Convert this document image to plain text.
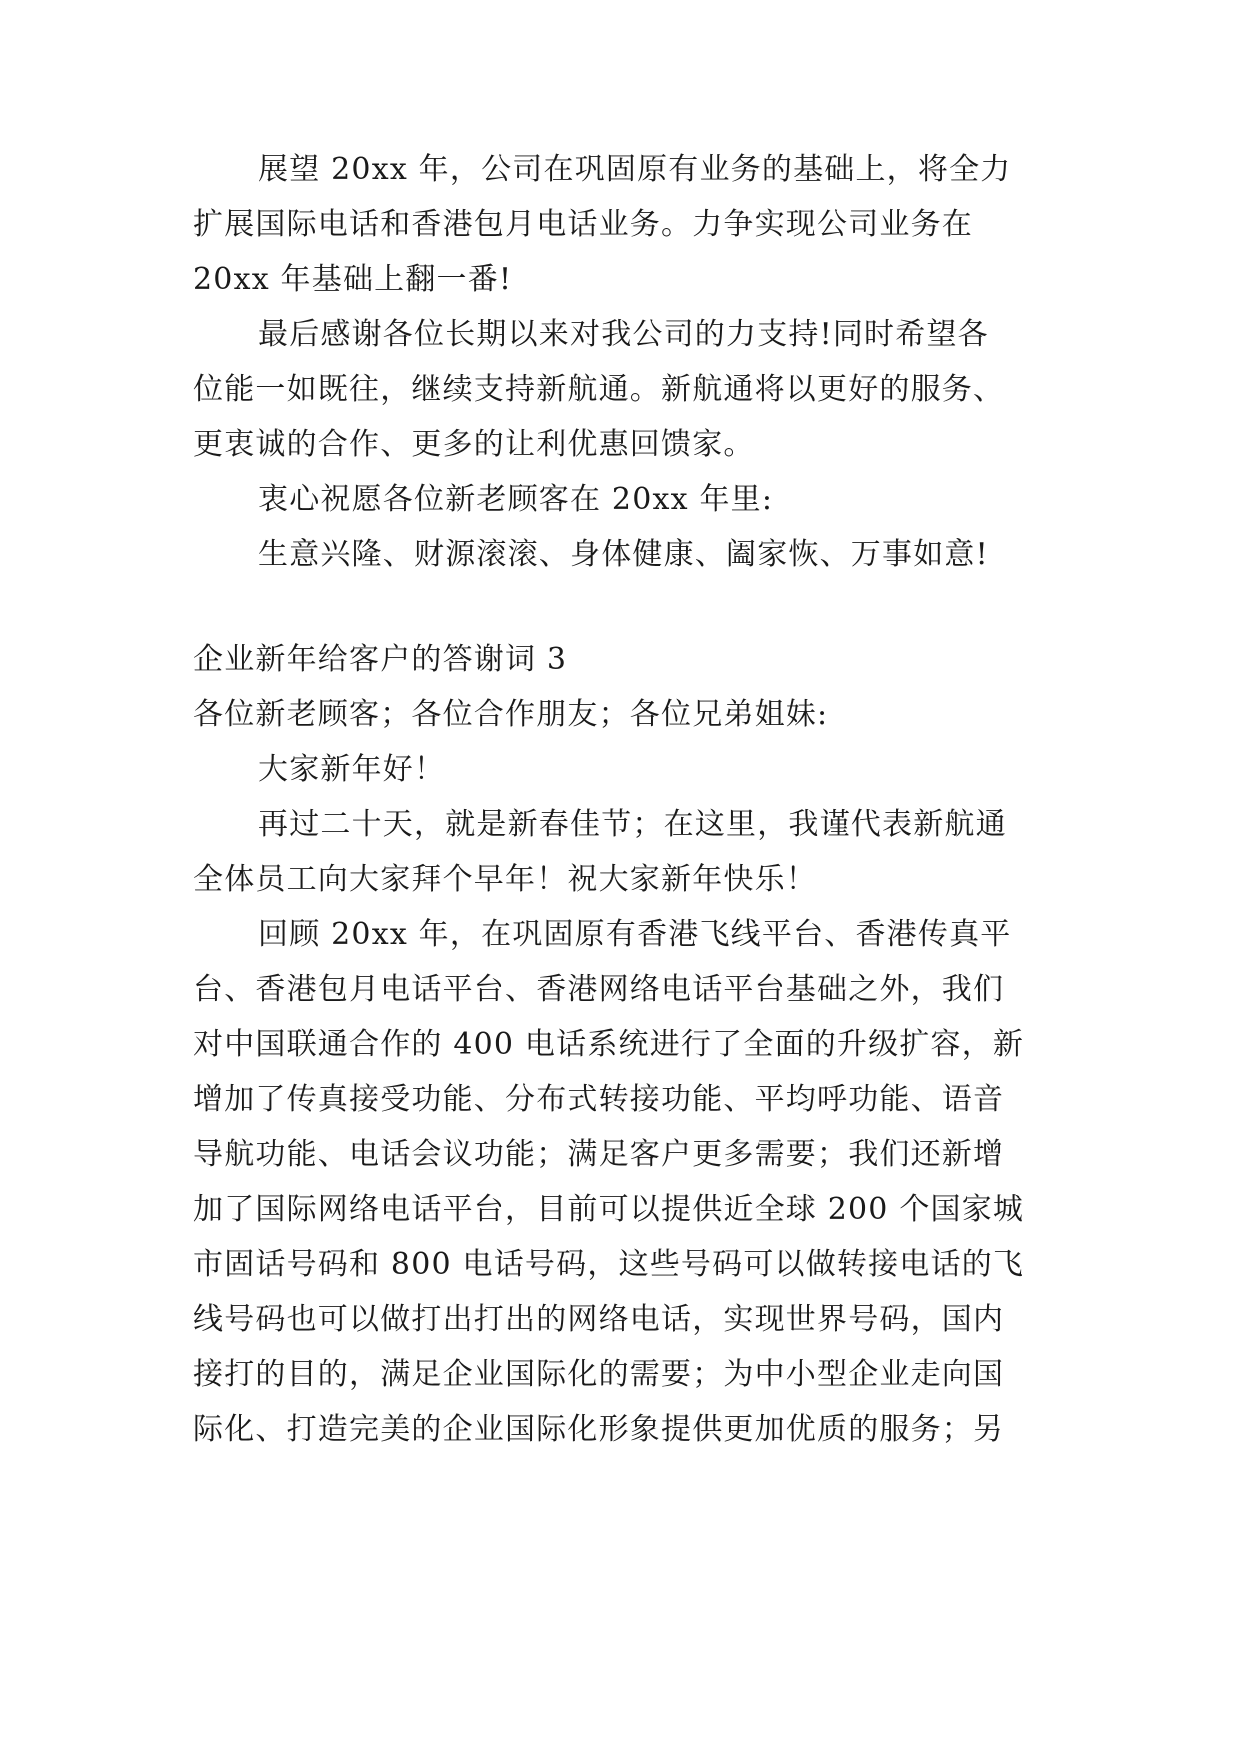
展望 20xx 年，公司在巩固原有业务的基础上，将全力
扩展国际电话和香港包月电话业务。力争实现公司业务在
20xx 年基础上翻一番!
最后感谢各位长期以来对我公司的力支持!同时希望各
位能一如既往，继续支持新航通。新航通将以更好的服务、
更衷诚的合作、更多的让利优惠回馈家。
衷心祝愿各位新老顾客在 20xx 年里:
生意兴隆、财源滚滚、身体健康、阖家恢、万事如意!
企业新年给客户的答谢词 3
各位新老顾客；各位合作朋友；各位兄弟姐妹:
大家新年好！
再过二十天，就是新春佳节；在这里，我谨代表新航通
全体员工向大家拜个早年！祝大家新年快乐！
回顾 20xx 年，在巩固原有香港飞线平台、香港传真平
台、香港包月电话平台、香港网络电话平台基础之外，我们
对中国联通合作的 400 电话系统进行了全面的升级扩容，新
增加了传真接受功能、分布式转接功能、平均呼功能、语音
导航功能、电话会议功能；满足客户更多需要；我们还新增
加了国际网络电话平台，目前可以提供近全球 200 个国家城
市固话号码和 800 电话号码，这些号码可以做转接电话的飞
线号码也可以做打出打出的网络电话，实现世界号码，国内
接打的目的，满足企业国际化的需要；为中小型企业走向国
际化、打造完美的企业国际化形象提供更加优质的服务；另
